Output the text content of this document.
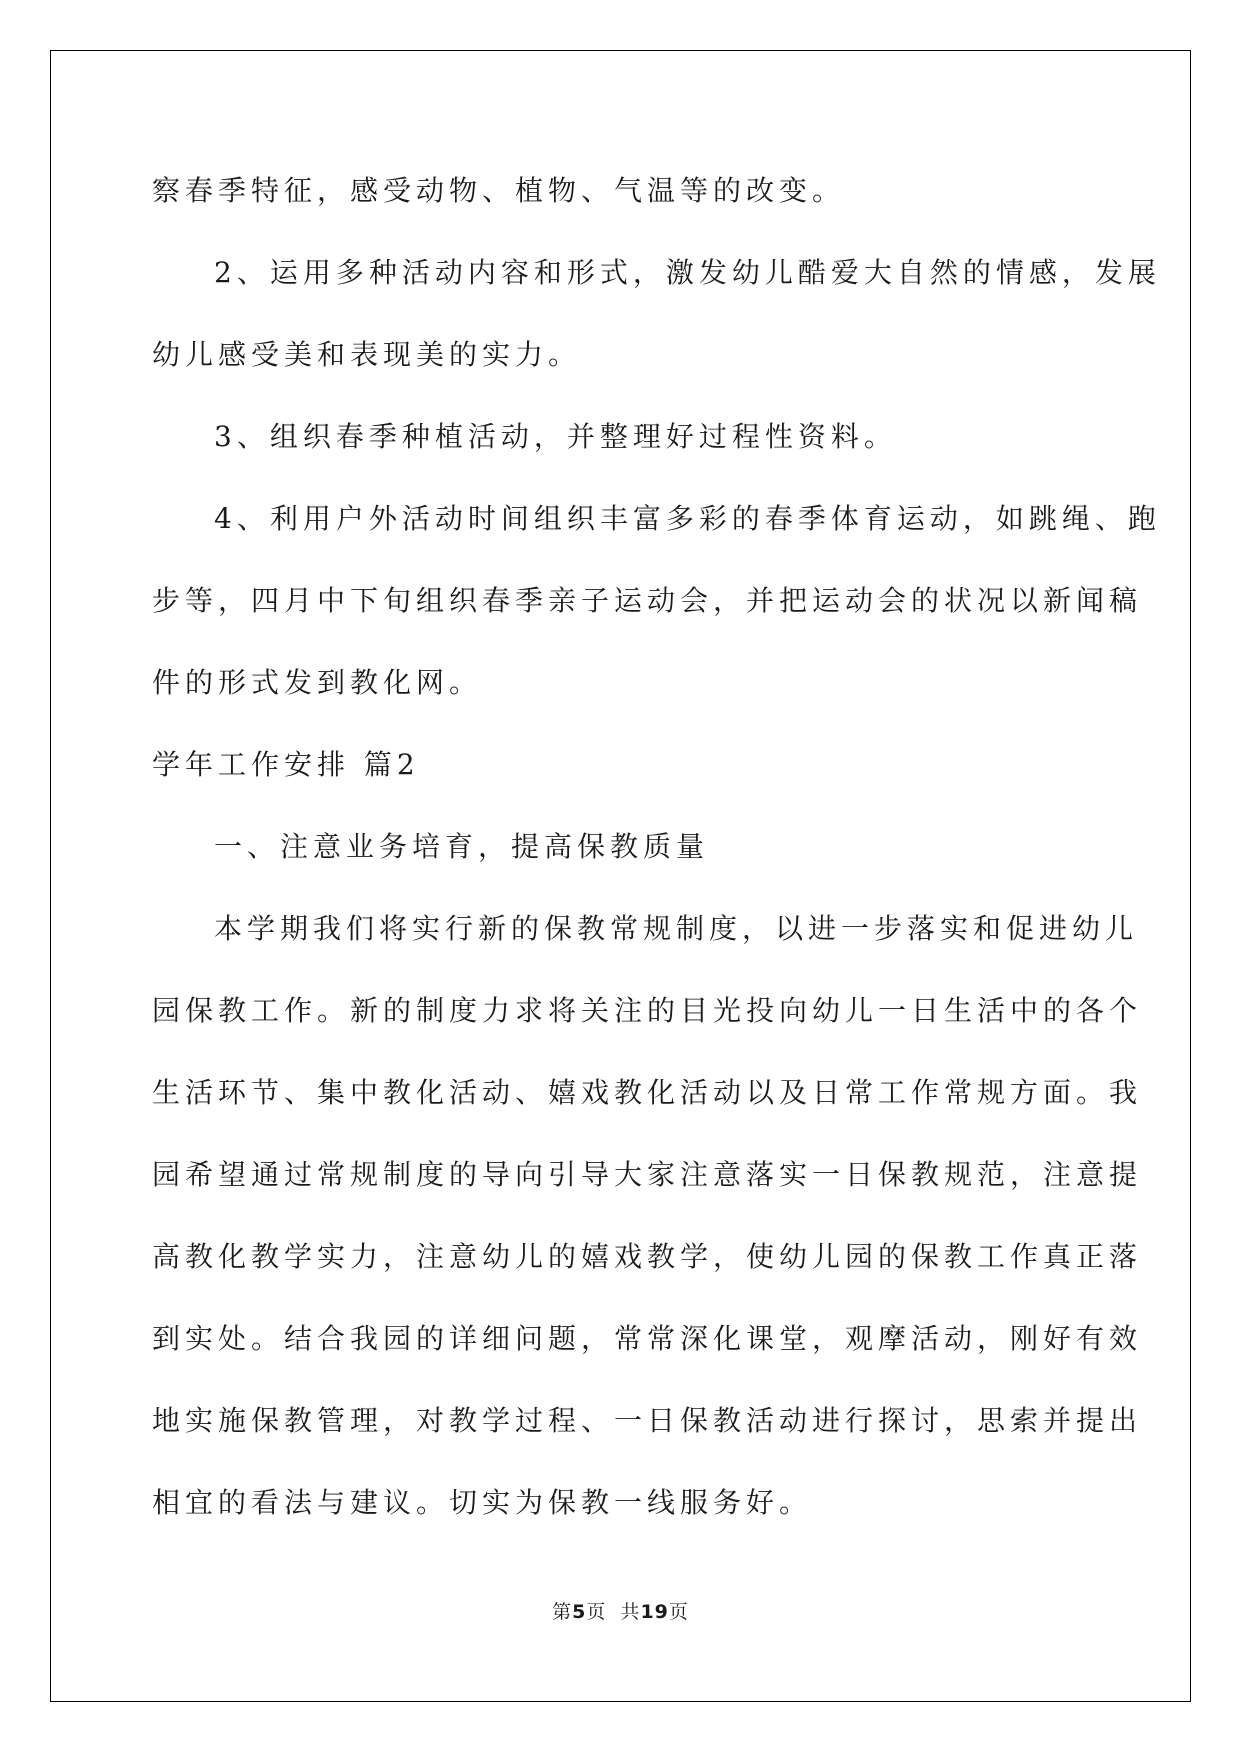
察春季特征，感受动物、植物、气温等的改变。
2、运用多种活动内容和形式，激发幼儿酷爱大自然的情感，发展
幼儿感受美和表现美的实力。
3、组织春季种植活动，并整理好过程性资料。
4、利用户外活动时间组织丰富多彩的春季体育运动，如跳绳、跑
步等，四月中下旬组织春季亲子运动会，并把运动会的状况以新闻稿
件的形式发到教化网。
学年工作安排 篇2
一、注意业务培育，提高保教质量
本学期我们将实行新的保教常规制度，以进一步落实和促进幼儿
园保教工作。新的制度力求将关注的目光投向幼儿一日生活中的各个
生活环节、集中教化活动、嬉戏教化活动以及日常工作常规方面。我
园希望通过常规制度的导向引导大家注意落实一日保教规范，注意提
高教化教学实力，注意幼儿的嬉戏教学，使幼儿园的保教工作真正落
到实处。结合我园的详细问题，常常深化课堂，观摩活动，刚好有效
地实施保教管理，对教学过程、一日保教活动进行探讨，思索并提出
相宜的看法与建议。切实为保教一线服务好。
第5页  共19页
